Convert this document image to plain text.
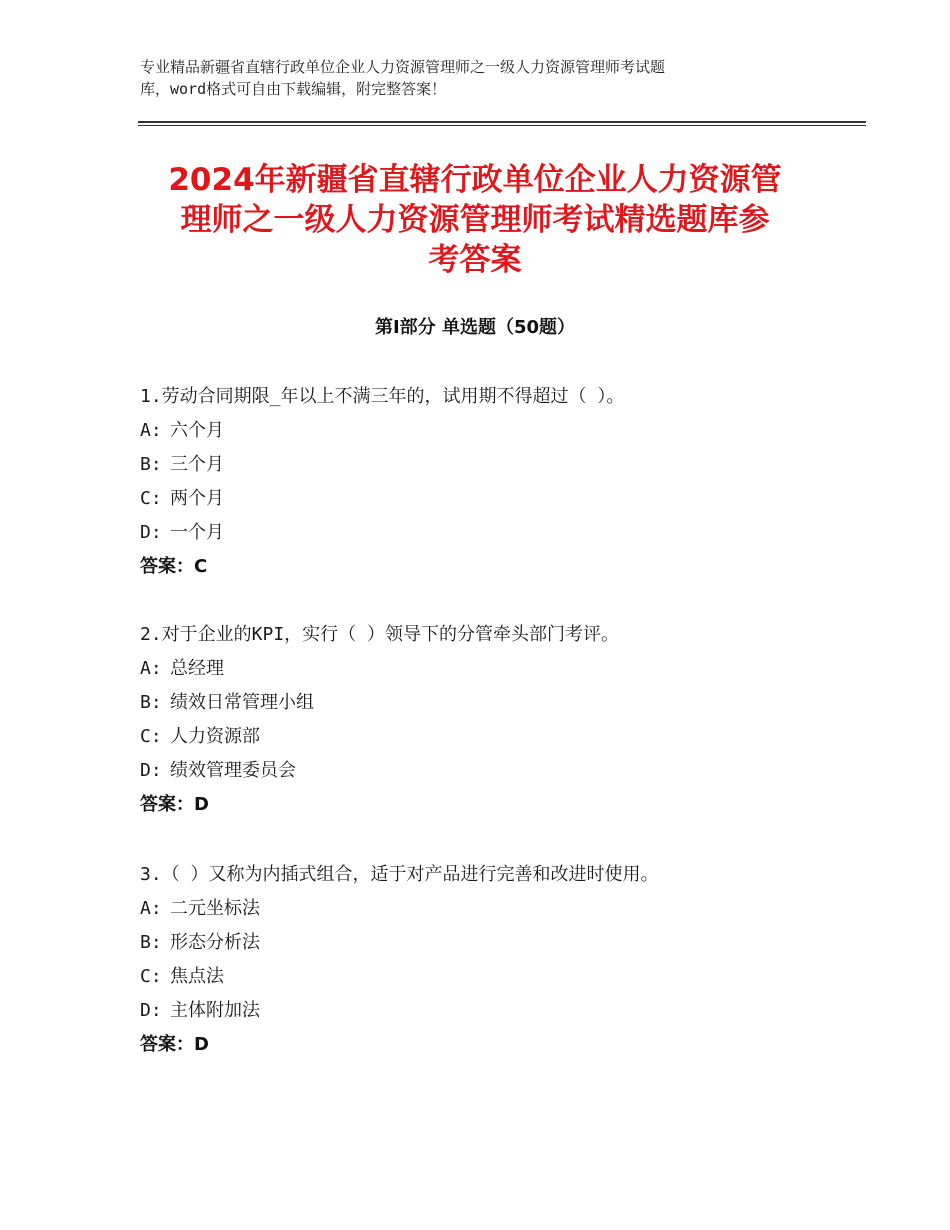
专业精品新疆省直辖行政单位企业人力资源管理师之一级人力资源管理师考试题
库，word格式可自由下载编辑，附完整答案！
2024年新疆省直辖行政单位企业人力资源管
理师之一级人力资源管理师考试精选题库参
考答案
第Ⅰ部分 单选题（50题）
1.劳动合同期限_年以上不满三年的，试用期不得超过（ ）。
A: 六个月
B: 三个月
C: 两个月
D: 一个月
答案：C
2.对于企业的KPI，实行（ ）领导下的分管牵头部门考评。
A: 总经理
B: 绩效日常管理小组
C: 人力资源部
D: 绩效管理委员会
答案：D
3.（ ）又称为内插式组合，适于对产品进行完善和改进时使用。
A: 二元坐标法
B: 形态分析法
C: 焦点法
D: 主体附加法
答案：D
